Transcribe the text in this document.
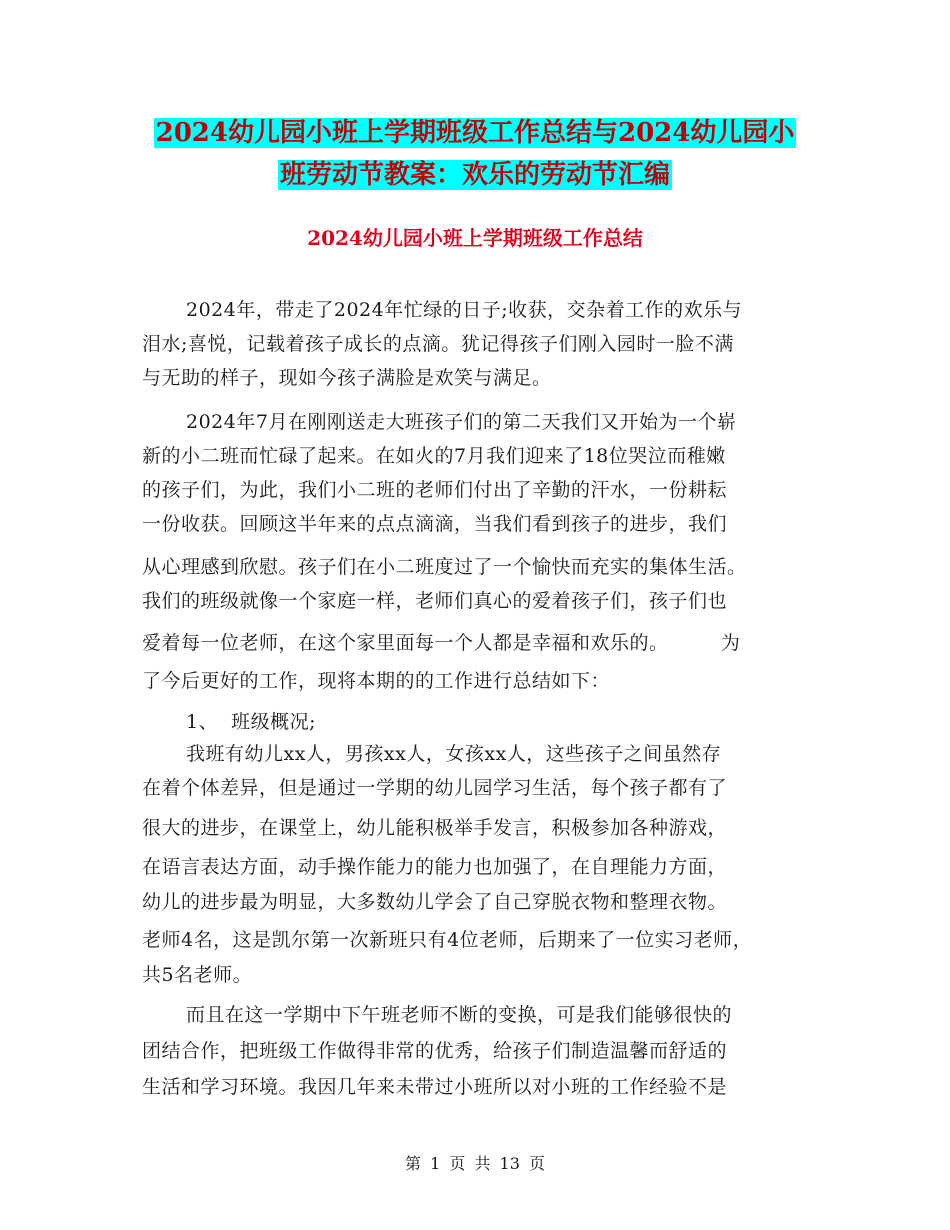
2024幼儿园小班上学期班级工作总结与2024幼儿园小
班劳动节教案：欢乐的劳动节汇编
2024幼儿园小班上学期班级工作总结
2024年，带走了2024年忙绿的日子;收获，交杂着工作的欢乐与
泪水;喜悦，记载着孩子成长的点滴。犹记得孩子们刚入园时一脸不满
与无助的样子，现如今孩子满脸是欢笑与满足。
2024年7月在刚刚送走大班孩子们的第二天我们又开始为一个崭
新的小二班而忙碌了起来。在如火的7月我们迎来了18位哭泣而稚嫩
的孩子们，为此，我们小二班的老师们付出了辛勤的汗水，一份耕耘
一份收获。回顾这半年来的点点滴滴，当我们看到孩子的进步，我们
从心理感到欣慰。孩子们在小二班度过了一个愉快而充实的集体生活。
我们的班级就像一个家庭一样，老师们真心的爱着孩子们，孩子们也
爱着每一位老师，在这个家里面每一个人都是幸福和欢乐的。        为
了今后更好的工作，现将本期的的工作进行总结如下：
1、  班级概况;
我班有幼儿xx人，男孩xx人，女孩xx人，这些孩子之间虽然存
在着个体差异，但是通过一学期的幼儿园学习生活，每个孩子都有了
很大的进步，在课堂上，幼儿能积极举手发言，积极参加各种游戏，
在语言表达方面，动手操作能力的能力也加强了，在自理能力方面，
幼儿的进步最为明显，大多数幼儿学会了自己穿脱衣物和整理衣物。
老师4名，这是凯尔第一次新班只有4位老师，后期来了一位实习老师，
共5名老师。
而且在这一学期中下午班老师不断的变换，可是我们能够很快的
团结合作，把班级工作做得非常的优秀，给孩子们制造温馨而舒适的
生活和学习环境。我因几年来未带过小班所以对小班的工作经验不是
第 1 页 共 13 页
